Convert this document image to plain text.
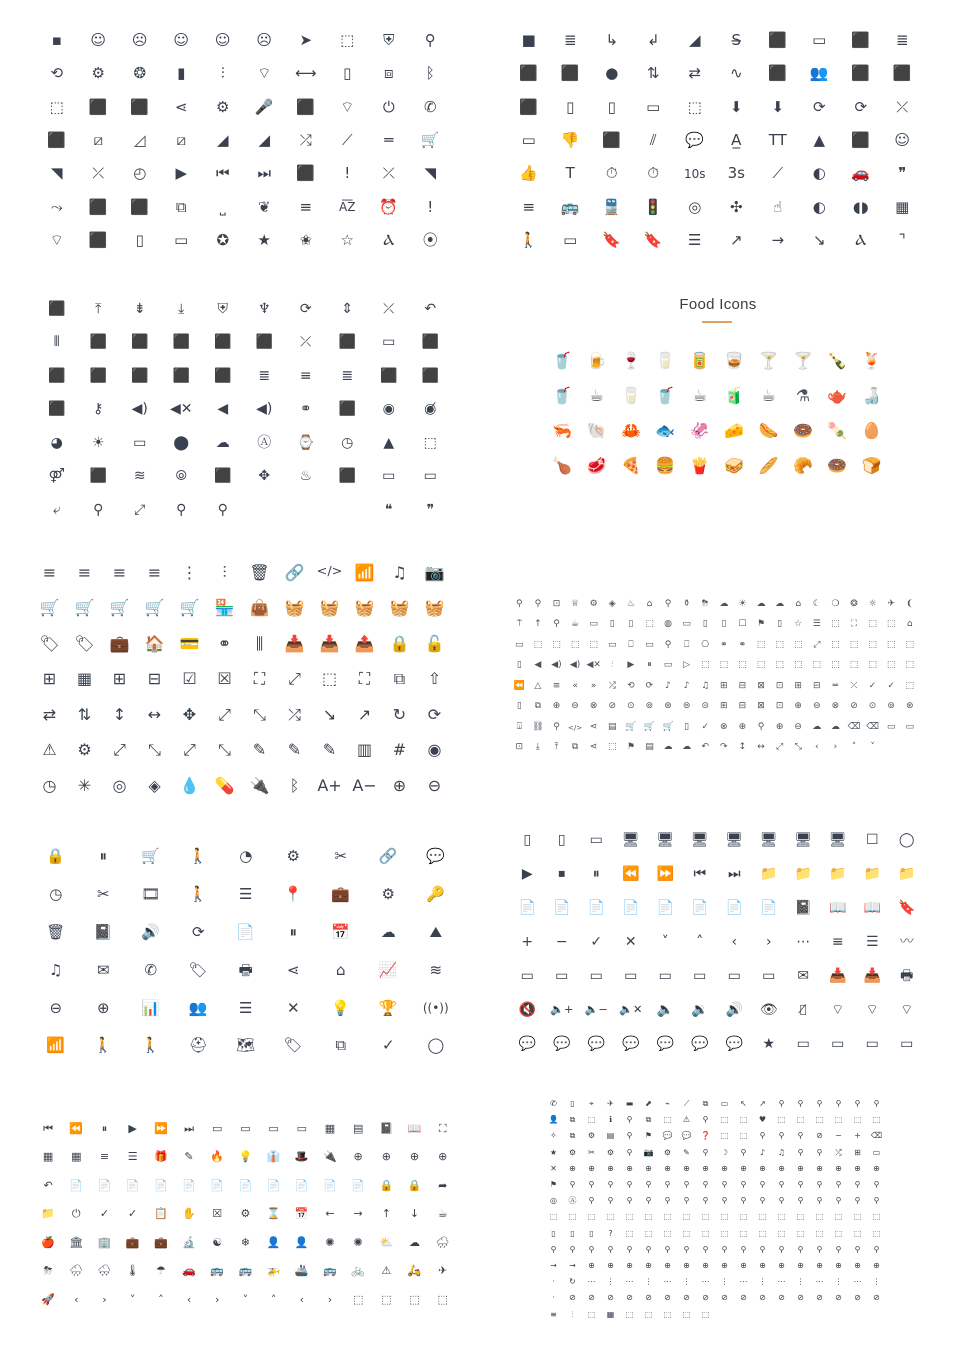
▪	☺	☹	☺	☺	☹	➤	⬚	⛨	⚲
⟲	⚙	❂	▮	⫶	⌔	⟷	▯	⧈	ᛒ
⬚	⬛	⬛	⋖	⚙	🎤	⬛	⌔	⏻	✆
⬛	⧄	◿	⧄	◢	◢	⤮	⟋	═	🛒
◥	⤫	◴	▶	⏮	⏭	⬛	!	⤫	◥
⤳	⬛	⬛	⧉	⎵	❦	≡	A͞Z	⏰	!
⌔	⬛	▯	▭	✪	★	✬	☆	Ⲁ	⦿
■	≣	↳	↲	◢	S̶	⬛	▭	⬛	≣
⬛	⬛	●	⇅	⇄	∿	⬛	👥	⬛	⬛
⬛	▯	▯	▭	⬚	⬇	⬇	⟳	⟳	⤫
▭	👎	⬛	⫽	💬	A̲	TT	▲	⬛	☺
👍	T	⏱	⏱	10s	3s	⟋	◐	🚗	❞
≡	🚌	🚆	🚦	◎	✣	☝	◐	◖◗	▦
🚶	▭	🔖	🔖	☰	↗	→	↘	Ⲁ	⌝
⬛	⤒	⇟	⤓	⛨	♆	⟳	⇕	⤫	↶
⫴	⬛	⬛	⬛	⬛	⬛	⤫	⬛	▭	⬛
⬛	⬛	⬛	⬛	⬛	≣	≡	≣	⬛	⬛
⬛	⚷	◀)	◀✕	◀	◀)	⚭	⬛	◉	◉̸
◕	☀	▭	⬤	☁	Ⓐ	⌚	◷	▲	⬚
⚤	⬛	≋	⦾	⬛	✥	♨	⬛	▭	▭
⤶	⚲	⤢	⚲	⚲	❝	❞
Food Icons
🥤 🍺 🍷 🥛 🥫 🥃 🍸 🍸 🍾 🍹
🥤	☕	🥛 🥤	☕	🧃	☕	⚗	🫖 🍶
🦐 🐚 🦀 🐟 🦑 🧀 🌭 🍩 🍡 🥚
🍗 🥩 🍕 🍔 🍟 🥪 🥖 🥐 🍩 🍞
≡	≡	≡	≡	⋮	⫶	🗑 🔗 </> 📶	♫	📷
🛒 🛒 🛒 🛒 🛒 🏪 👜 🧺 🧺 🧺 🧺 🧺
🏷 🏷 💼 🏠 💳	⚭	⫼	📥 📥 📤 🔒 🔓
⊞	▦	⊞	⊟	☑	☒	⛶	⤢	⬚	⛶	⧉	⇧
⇄	⇅	↕	↔	✥	⤢	⤡	⤮	↘	↗	↻	⟳
⚠	⚙	⤢	⤡	⤢	⤡	✎	✎	✎	▥	#	◉
◷	✳	◎	◈	💧 💊 🔌	ᛒ	A+ A−	⊕	⊖
⚲	⚲	⊡	♕	⚙	◈	♨	⌂	⚲	⚱	⛈	☁	☀	☁	☁	⌂	☾	❍	❂	☼	✈	❨
⍑	↑	⚲	☕	▭	▯	▯	⬚	◍	▭	▯	▯	☐	⚑	▯	☆	☰	⬚	⛶	⬚	⬚	⌂
▭	⬚	⬚	⬚	⬚	▭	⎕	▭	⚲	⎕	⎔	⚭	⚭	⬚	⬚	⬚	⤢	⬚	⬚	⬚	⬚	⬚
▯	◀	◀) ◀) ◀✕	⫶	▶	⏸	▭	▷	⬚	⬚	⬚	⬚	⬚	⬚	⬚	⬚	⬚	⬚	⬚	⬚
⏪	△	≡	«	»	⤮	⟲	⟳	♪	♪	♫	⊞	⊟	⊠	⊡	⊞	⊟	═	⤫	✓	✓	⬚
▯	⧉	⊕	⊖	⊗	⊘	⊙	⊚	⊛	⊜	⊝	⊞	⊟	⊠	⊡	⊕	⊖	⊗	⊘	⊙	⊚	⊛
⍗	⛓	⚲	</> ⋖	▤ 🛒 🛒 🛒	▯	✓	⊗	⊕	⚲	⊕	⊖	☁	☁ ⌫ ⌫ ▭	▭
⊡	⤓	⤒	⧉	⋖	⬚	⚑	▤	☁	☁	↶	↷	↕	↔	⤢	⤡	‹	›	˄	˅
🔒	⏸	🛒	🚶	◔	⚙	✂	🔗	💬
◷	✂	🎞	🚶	☰	📍	💼	⚙	🔑
🗑	📓	🔊	⟳	📄	⏸	📅	☁	⛰
♫	✉	✆	🏷	🖶	⋖	⌂	📈	≋
⊖	⊕	📊	👥	☰	✕	💡	🏆	((•))
📶	🚶	🚶	⛑	🗺	🏷	⧉	✓	◯
▯	▯	▭	🖥	🖥	🖥	🖥	🖥	🖥	🖥	☐	◯
▶	⏹	⏸	⏪	⏩	⏮	⏭	📁	📁	📁	📁	📁
📄	📄	📄	📄	📄	📄	📄	📄	📓	📖	📖	🔖
+	−	✓	✕	˅	˄	‹	›	⋯	≡	☰	〰
▭	▭	▭	▭	▭	▭	▭	▭	✉	📥	📥	🖶
🔇	🔈+ 🔈− 🔈✕	🔈	🔉	🔊	👁	👁̸	⌔	⌔	⌔
💬	💬	💬	💬	💬	💬	💬	★	▭	▭	▭	▭
⏮	⏪	⏸	▶	⏩	⏭	▭	▭	▭	▭	▦	▤	📓	📖	⛶
▦	▦	≡	☰	🎁	✎	🔥	💡	👔	🎩	🔌	⊕	⊕	⊕	⊕
↶	📄	📄	📄	📄	📄	📄	📄	📄	📄	📄	📄	🔒	🔒	➦
📁	⏻	✓	✓	📋	✋	☒	⚙	⌛	📅	←	→	↑	↓	☕
🍎	🏛	🏢	💼	💼	🔬	☯	❄	👤	👤	✺	✺	⛅	☁	🌧
⛈	🌧	🌨	🌡	☂	🚗	🚌	🚌	🚁	🚢	🚌	🚲	⚠	🛵	✈
🚀	‹	›	˅	˄	‹	›	˅	˄	‹	›	⬚	⬚	⬚	⬚
✆	▯	⌖	✈	▬	⬈	⌁	⟋	⧉	▭	↖	↗	⚲	⚲	⚲	⚲	⚲	⚲
👤	⧉	⬚	ℹ	⚲	⧉	⬚	⚠	⚲	⬚	⬚	♥	⬚	⬚	⬚	⬚	⬚	⬚
✧	⧉	⚙	▤	⚲	⚑	💬	💬	❓	⬚	⬚	⚲	⚲	⚲	⊘	−	+	⌫
★	⚙	✂	⚙	⚲	📷	⚙	✎	⚲	☽	⚲	♪	♫	⚲	⚲	⤮	⊞	▭
✕	⊕	⊕	⊕	⊕	⊕	⊕	⊕	⊕	⊕	⊕	⊕	⊕	⊕	⊕	⊕	⊕	⊕
⚑	⚲	⚲	⚲	⚲	⚲	⚲	⚲	⚲	⚲	⚲	⚲	⚲	⚲	⚲	⚲	⚲	⚲
◎	Ⓐ	⚲	⚲	⚲	⚲	⚲	⚲	⚲	⚲	⚲	⚲	⚲	⚲	⚲	⚲	⚲	⚲
⬚	⬚	⬚	⬚	⬚	⬚	⬚	⬚	⬚	⬚	⬚	⬚	⬚	⬚	⬚	⬚	⬚	⬚
▯	▯	▯	?	⬚	⬚	⬚	⬚	⬚	⬚	⬚	⬚	⬚	⬚	⬚	⬚	⬚	⬚
⚲	⚲	⚲	⚲	⚲	⚲	⚲	⚲	⚲	⚲	⚲	⚲	⚲	⚲	⚲	⚲	⚲	⚲
→	→	⊕	⊕	⊕	⊕	⊕	⊕	⊕	⊕	⊕	⊕	⊕	⊕	⊕	⊕	⊕	⊕
·	↻	⋯	⋮	⋯	⋮	⋯	⋮	⋯	⋮	⋯	⋮	⋯	⋮	⋯	⋮	⋯	⋮
·	⊘	⊘	⊘	⊘	⊘	⊘	⊘	⊘	⊘	⊘	⊘	⊘	⊘	⊘	⊘	⊘	⊘
≡	⫶	⬚	▦	⬚	⬚	⬚	⬚	⬚
